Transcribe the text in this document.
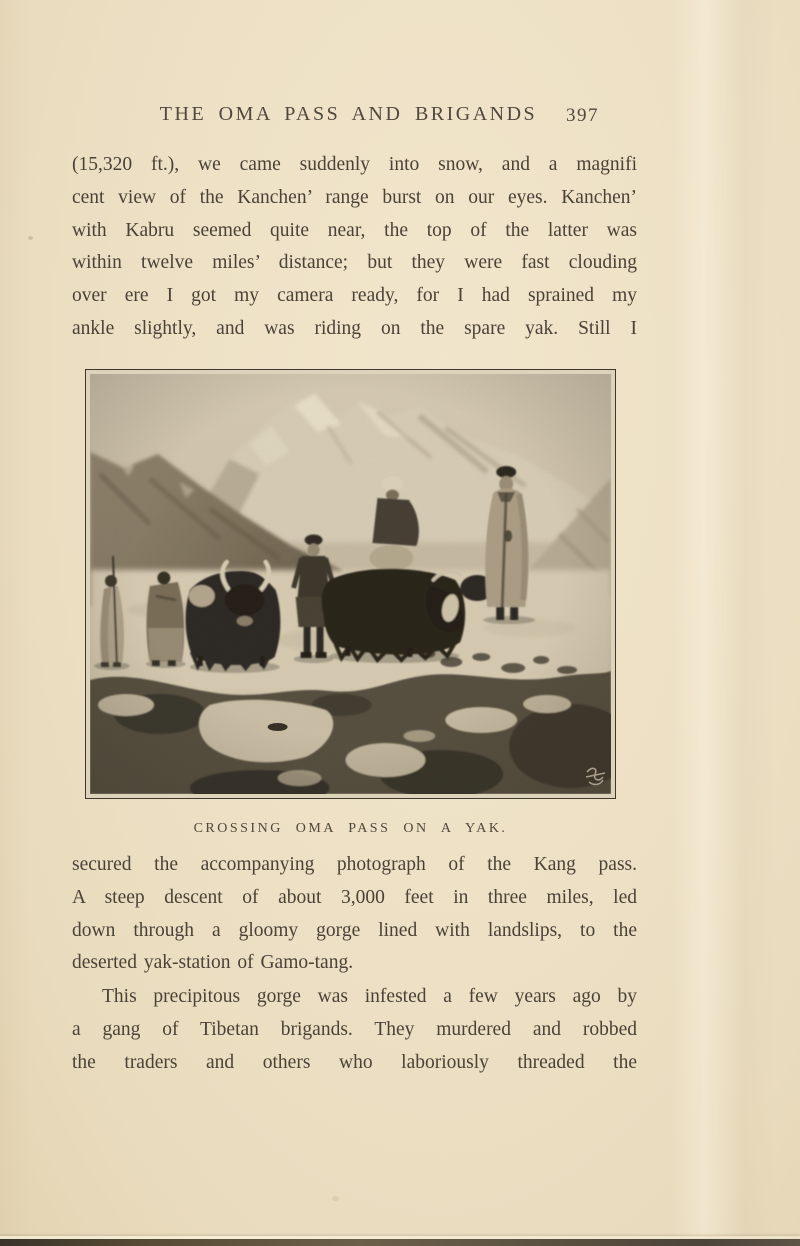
THE OMA PASS AND BRIGANDS	397
(15,320 ft.), we came suddenly into snow, and a magnifi
cent view of the Kanchen’ range burst on our eyes. Kanchen’
with Kabru seemed quite near, the top of the latter was
within twelve miles’ distance; but they were fast clouding
over ere I got my camera ready, for I had sprained my
ankle slightly, and was riding on the spare yak. Still I
CROSSING OMA PASS ON A YAK.
secured the accompanying photograph of the Kang pass.
A steep descent of about 3,000 feet in three miles, led
down through a gloomy gorge lined with landslips, to the
deserted yak-station of Gamo-tang.
This precipitous gorge was infested a few years ago by
a gang of Tibetan brigands. They murdered and robbed
the traders and others who laboriously threaded the
